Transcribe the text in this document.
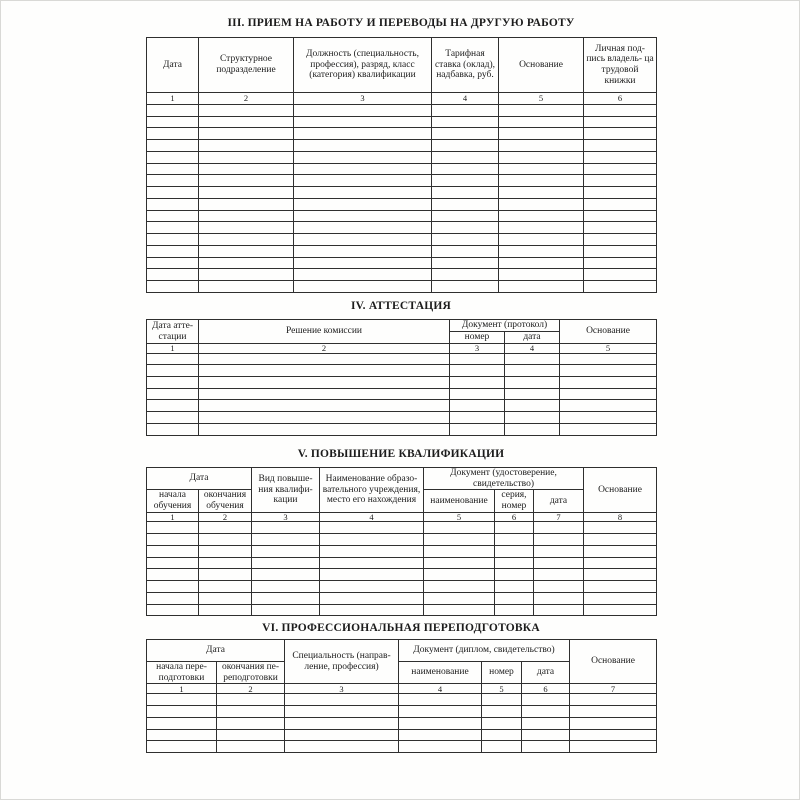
III. ПРИЕМ НА РАБОТУ И ПЕРЕВОДЫ НА ДРУГУЮ РАБОТУ
Дата	Структурное подразделение	Должность (специальность, профессия), разряд, класс (категория) квалификации	Тарифная ставка (оклад), надбавка, руб.	Основание	Личная под- пись владель- ца трудовой книжки
1	2	3	4	5	6

IV. АТТЕСТАЦИЯ
Дата атте- стации	Решение комиссии	Документ (протокол)		Основание
		номер	дата	
1	2	3	4	5

V. ПОВЫШЕНИЕ КВАЛИФИКАЦИИ
Дата		Вид повыше- ния квалифи- кации	Наименование образо- вательного учреждения, место его нахождения	Документ (удостоверение, свидетельство)			Основание
начала обучения	окончания обучения			наименование	серия, номер	дата	
1	2	3	4	5	6	7	8

VI. ПРОФЕССИОНАЛЬНАЯ ПЕРЕПОДГОТОВКА
Дата		Специальность (направ- ление, профессия)	Документ (диплом, свидетельство)			Основание
начала пере- подготовки	окончания пе- реподготовки		наименование	номер	дата	
1	2	3	4	5	6	7
